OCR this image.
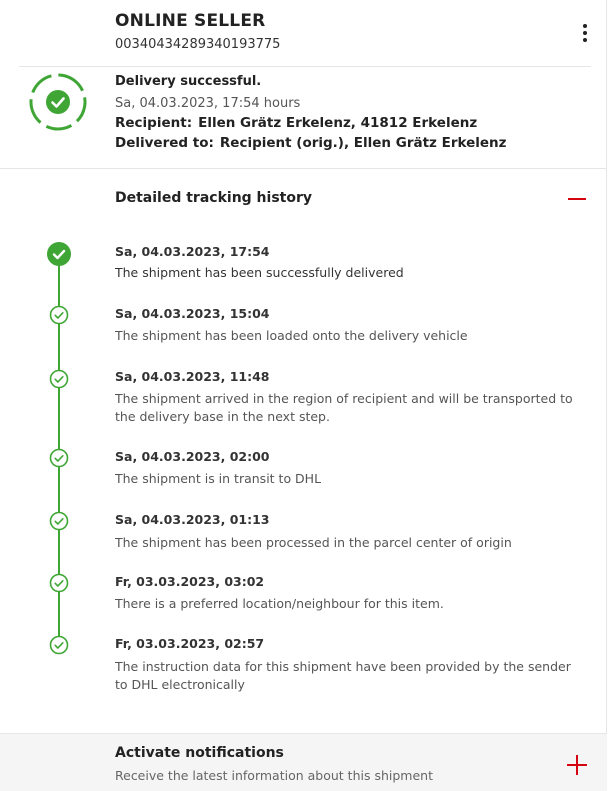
ONLINE SELLER
00340434289340193775
Delivery successful.
Sa, 04.03.2023, 17:54 hours
Recipient: Ellen Grätz Erkelenz, 41812 Erkelenz
Delivered to: Recipient (orig.), Ellen Grätz Erkelenz
Detailed tracking history
Sa, 04.03.2023, 17:54
The shipment has been successfully delivered
Sa, 04.03.2023, 15:04
The shipment has been loaded onto the delivery vehicle
Sa, 04.03.2023, 11:48
The shipment arrived in the region of recipient and will be transported to the delivery base in the next step.
Sa, 04.03.2023, 02:00
The shipment is in transit to DHL
Sa, 04.03.2023, 01:13
The shipment has been processed in the parcel center of origin
Fr, 03.03.2023, 03:02
There is a preferred location/neighbour for this item.
Fr, 03.03.2023, 02:57
The instruction data for this shipment have been provided by the sender to DHL electronically
Activate notifications
Receive the latest information about this shipment
